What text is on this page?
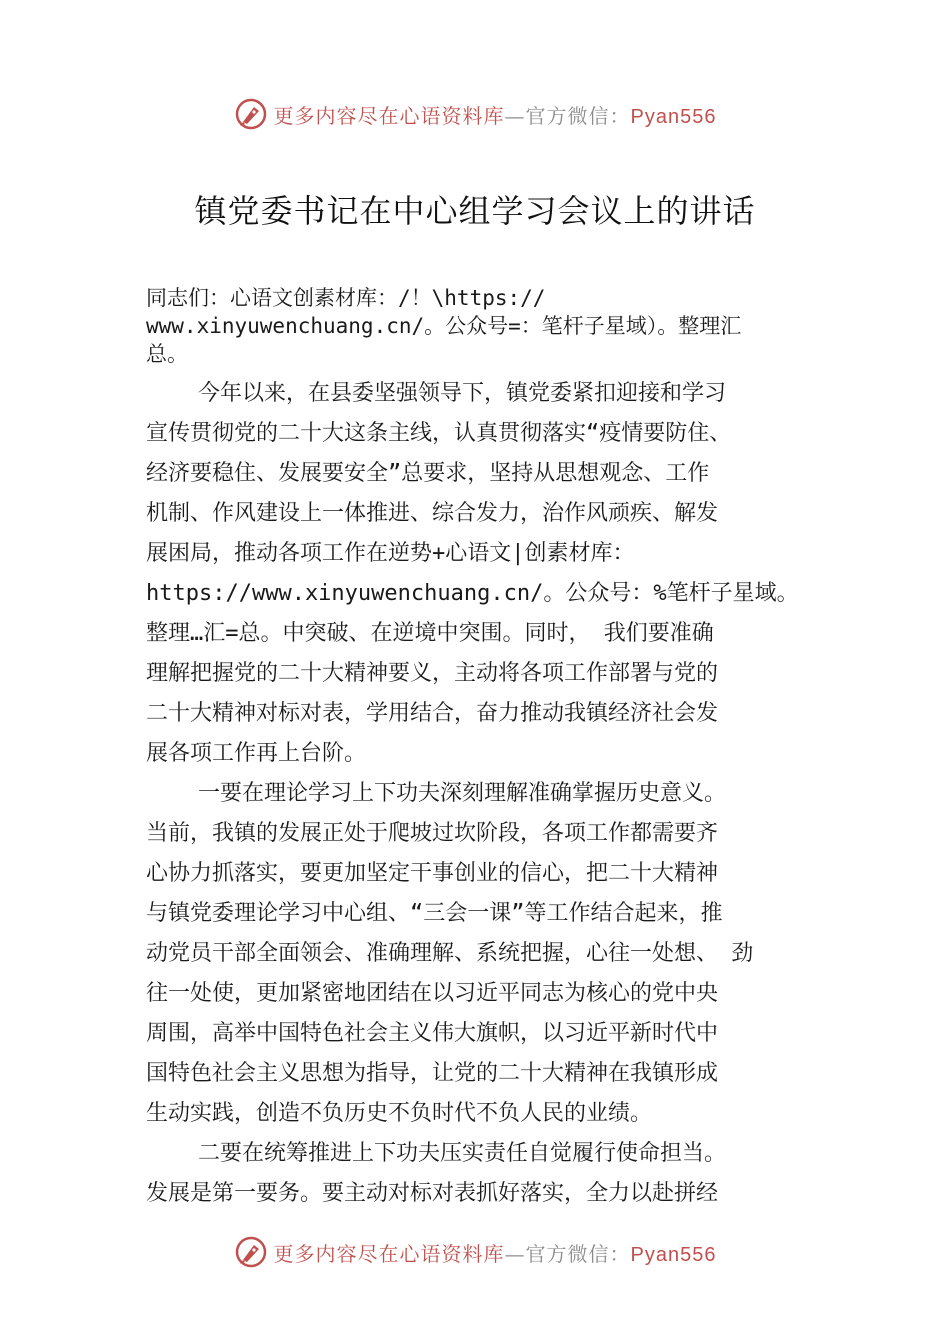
更多内容尽在心语资料库—官方微信：Pyan556
镇党委书记在中心组学习会议上的讲话
同志们：心语文创素材库：/！\https://
www.xinyuwenchuang.cn/。公众号=：笔杆子星域）。整理汇
总。
今年以来，在县委坚强领导下，镇党委紧扣迎接和学习
宣传贯彻党的二十大这条主线，认真贯彻落实“疫情要防住、
经济要稳住、发展要安全”总要求，坚持从思想观念、工作
机制、作风建设上一体推进、综合发力，治作风顽疾、解发
展困局，推动各项工作在逆势+心语文|创素材库：
https://www.xinyuwenchuang.cn/。公众号：%笔杆子星域。
整理…汇=总。中突破、在逆境中突围。同时， 我们要准确
理解把握党的二十大精神要义，主动将各项工作部署与党的
二十大精神对标对表，学用结合，奋力推动我镇经济社会发
展各项工作再上台阶。
一要在理论学习上下功夫深刻理解准确掌握历史意义。
当前，我镇的发展正处于爬坡过坎阶段，各项工作都需要齐
心协力抓落实，要更加坚定干事创业的信心，把二十大精神
与镇党委理论学习中心组、“三会一课”等工作结合起来，推
动党员干部全面领会、准确理解、系统把握，心往一处想、 劲
往一处使，更加紧密地团结在以习近平同志为核心的党中央
周围，高举中国特色社会主义伟大旗帜，以习近平新时代中
国特色社会主义思想为指导，让党的二十大精神在我镇形成
生动实践，创造不负历史不负时代不负人民的业绩。
二要在统筹推进上下功夫压实责任自觉履行使命担当。
发展是第一要务。要主动对标对表抓好落实，全力以赴拼经
更多内容尽在心语资料库—官方微信：Pyan556
